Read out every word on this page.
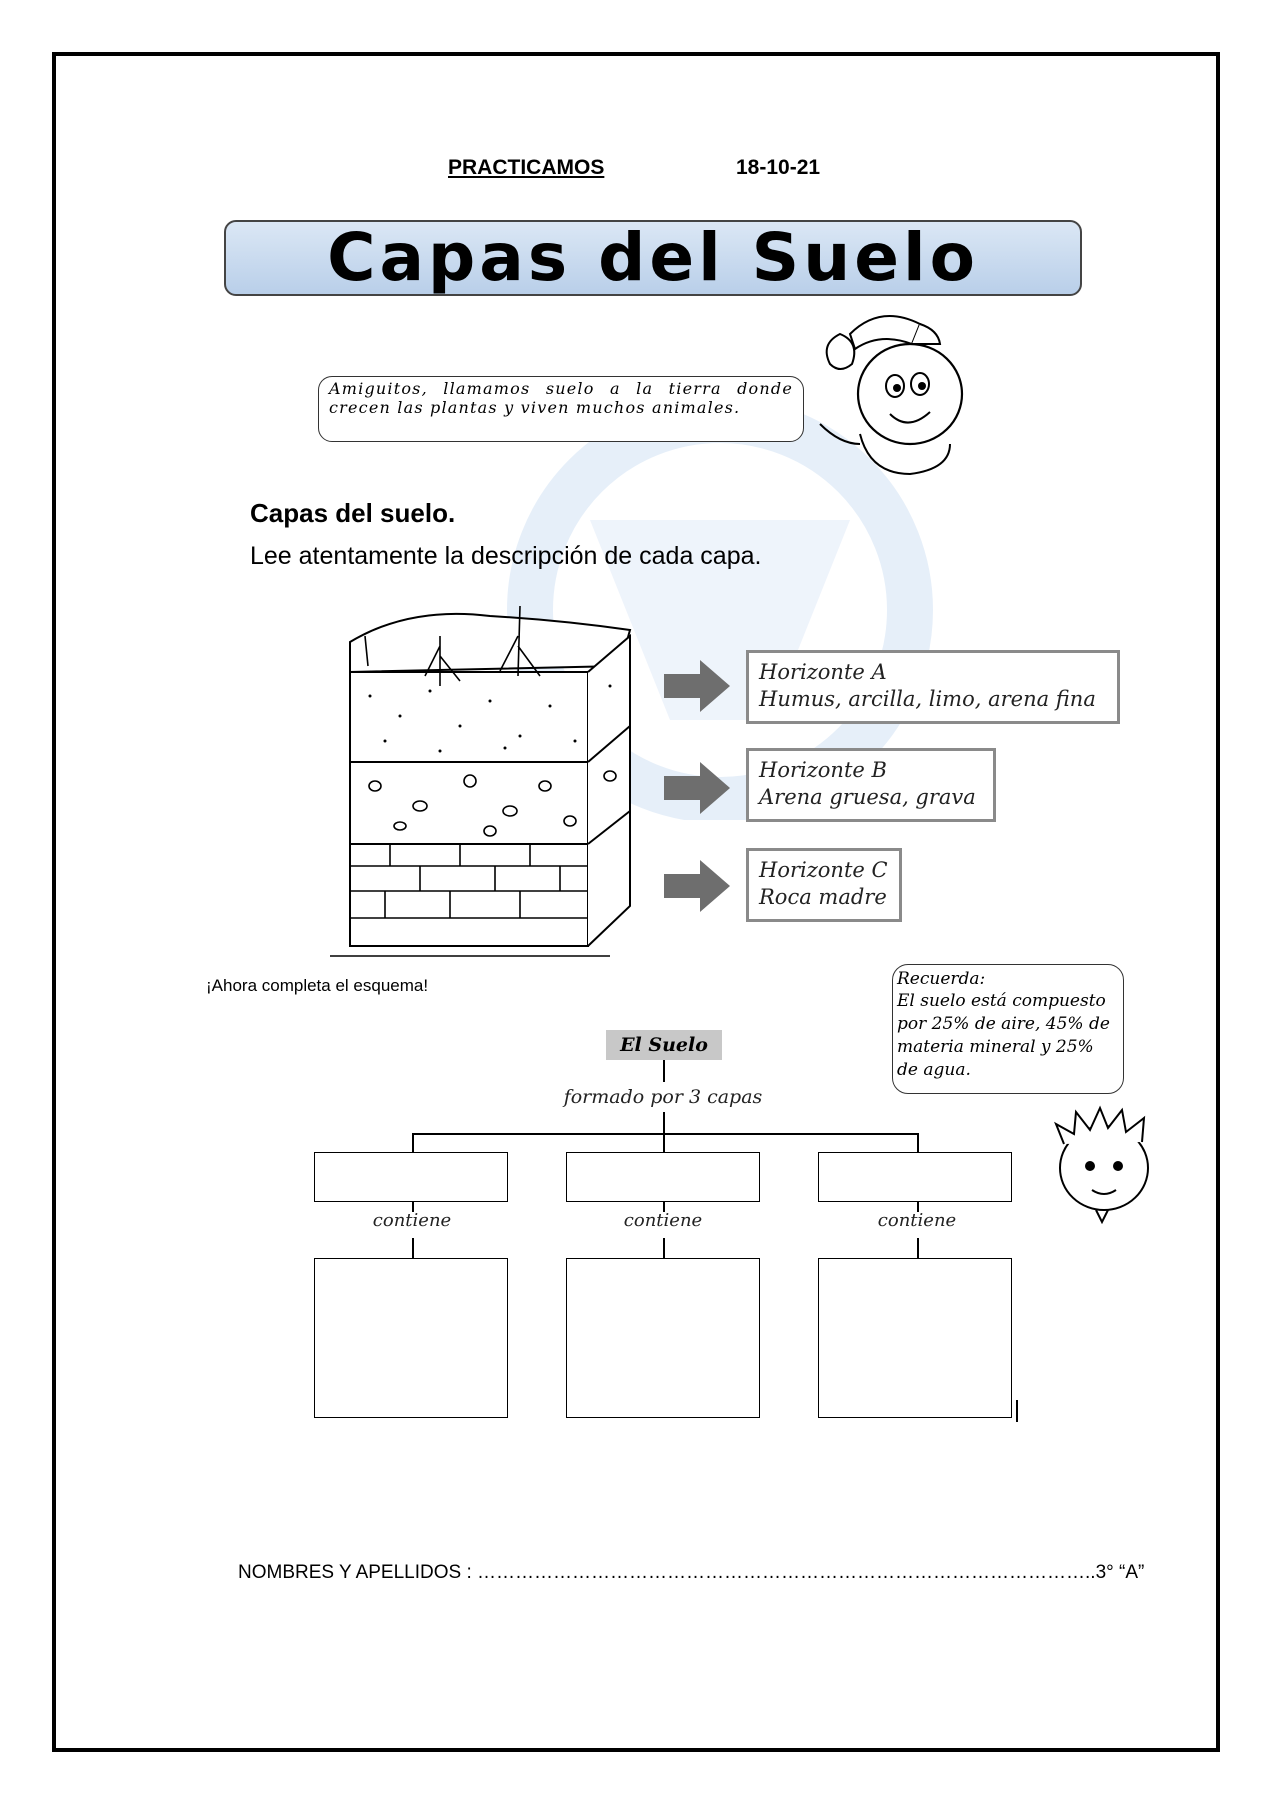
PRACTICAMOS	18-10-21
Capas del Suelo
Amiguitos, llamamos suelo a la tierra donde crecen las plantas y viven muchos animales.
Capas del suelo.
Lee atentamente la descripción de cada capa.
Horizonte A
Humus, arcilla, limo, arena fina
Horizonte B
Arena gruesa, grava
Horizonte C
Roca madre
¡Ahora completa el esquema!	Recuerda:
El suelo está compuesto por 25% de aire, 45% de materia mineral y 25% de agua.
El Suelo
formado por 3 capas
contiene	contiene	contiene
NOMBRES Y APELLIDOS : ……………………………………………………………………………………..3° “A”
